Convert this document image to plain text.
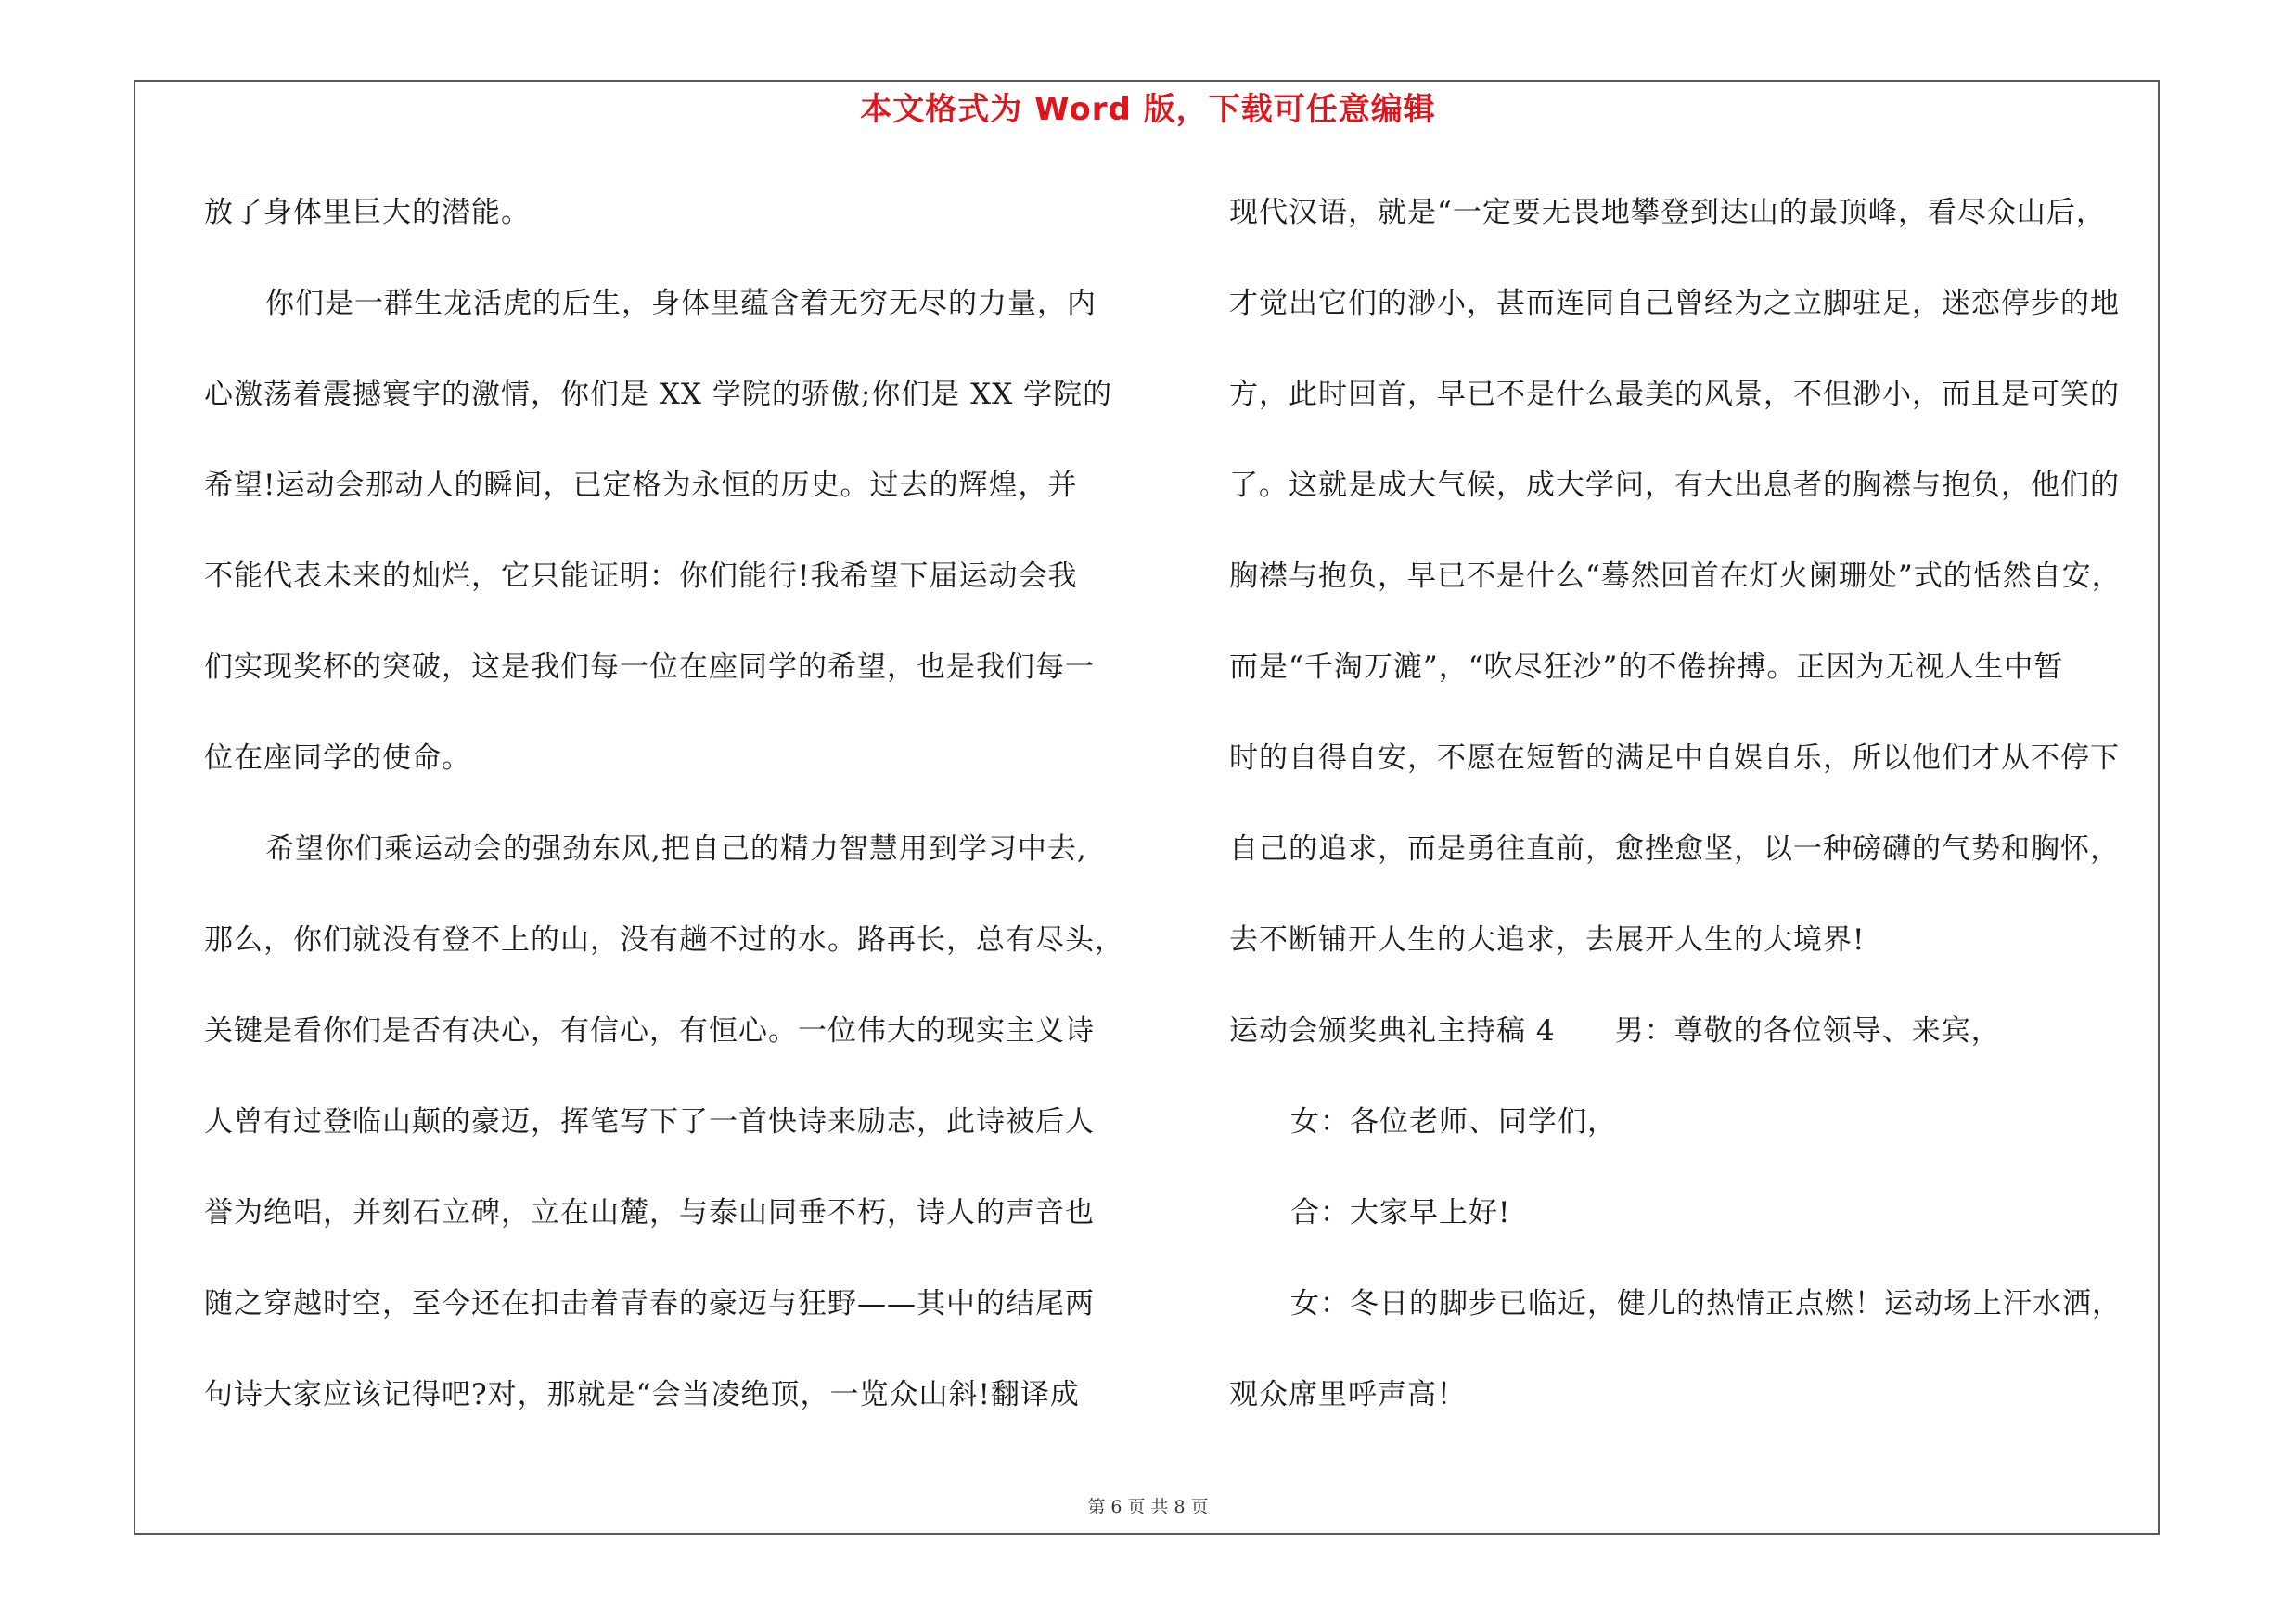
本文格式为 Word 版，下载可任意编辑
放了身体里巨大的潜能。
你们是一群生龙活虎的后生，身体里蕴含着无穷无尽的力量，内
心激荡着震撼寰宇的激情，你们是 XX 学院的骄傲;你们是 XX 学院的
希望!运动会那动人的瞬间，已定格为永恒的历史。过去的辉煌，并
不能代表未来的灿烂，它只能证明：你们能行!我希望下届运动会我
们实现奖杯的突破，这是我们每一位在座同学的希望，也是我们每一
位在座同学的使命。
希望你们乘运动会的强劲东风,把自己的精力智慧用到学习中去,
那么，你们就没有登不上的山，没有趟不过的水。路再长，总有尽头，
关键是看你们是否有决心，有信心，有恒心。一位伟大的现实主义诗
人曾有过登临山颠的豪迈，挥笔写下了一首快诗来励志，此诗被后人
誉为绝唱，并刻石立碑，立在山麓，与泰山同垂不朽，诗人的声音也
随之穿越时空，至今还在扣击着青春的豪迈与狂野——其中的结尾两
句诗大家应该记得吧?对，那就是“会当凌绝顶，一览众山斜!翻译成
现代汉语，就是“一定要无畏地攀登到达山的最顶峰，看尽众山后，
才觉出它们的渺小，甚而连同自己曾经为之立脚驻足，迷恋停步的地
方，此时回首，早已不是什么最美的风景，不但渺小，而且是可笑的
了。这就是成大气候，成大学问，有大出息者的胸襟与抱负，他们的
胸襟与抱负，早已不是什么“蓦然回首在灯火阑珊处”式的恬然自安，
而是“千淘万漉”，“吹尽狂沙”的不倦拚搏。正因为无视人生中暂
时的自得自安，不愿在短暂的满足中自娱自乐，所以他们才从不停下
自己的追求，而是勇往直前，愈挫愈坚，以一种磅礴的气势和胸怀，
去不断铺开人生的大追求，去展开人生的大境界!
运动会颁奖典礼主持稿 4　　男：尊敬的各位领导、来宾，
女：各位老师、同学们，
合：大家早上好!
女：冬日的脚步已临近，健儿的热情正点燃！运动场上汗水洒，
观众席里呼声高！
第 6 页 共 8 页
